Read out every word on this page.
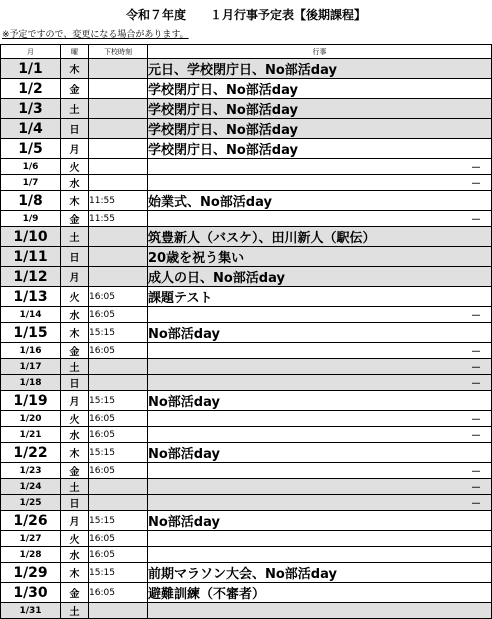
令和７年度　　１月行事予定表【後期課程】
※予定ですので、変更になる場合があります。
月	曜	下校時刻	行事
1/1	木		元日、学校閉庁日、No部活day
1/2	金		学校閉庁日、No部活day
1/3	土		学校閉庁日、No部活day
1/4	日		学校閉庁日、No部活day
1/5	月		学校閉庁日、No部活day
1/6	火		－

1/7	水		－

1/8	木	11:55	始業式、No部活day
1/9	金	11:55	－

1/10	土		筑豊新人（バスケ）、田川新人（駅伝）
1/11	日		20歳を祝う集い
1/12	月		成人の日、No部活day
1/13	火	16:05	課題テスト
1/14	水	16:05	－

1/15	木	15:15	No部活day
1/16	金	16:05	－

1/17	土		－

1/18	日		－

1/19	月	15:15	No部活day
1/20	火	16:05	－

1/21	水	16:05	－

1/22	木	15:15	No部活day
1/23	金	16:05	－

1/24	土		－

1/25	日		－

1/26	月	15:15	No部活day
1/27	火	16:05	
1/28	水	16:05	
1/29	木	15:15	前期マラソン大会、No部活day
1/30	金	16:05	避難訓練（不審者）
1/31	土		
